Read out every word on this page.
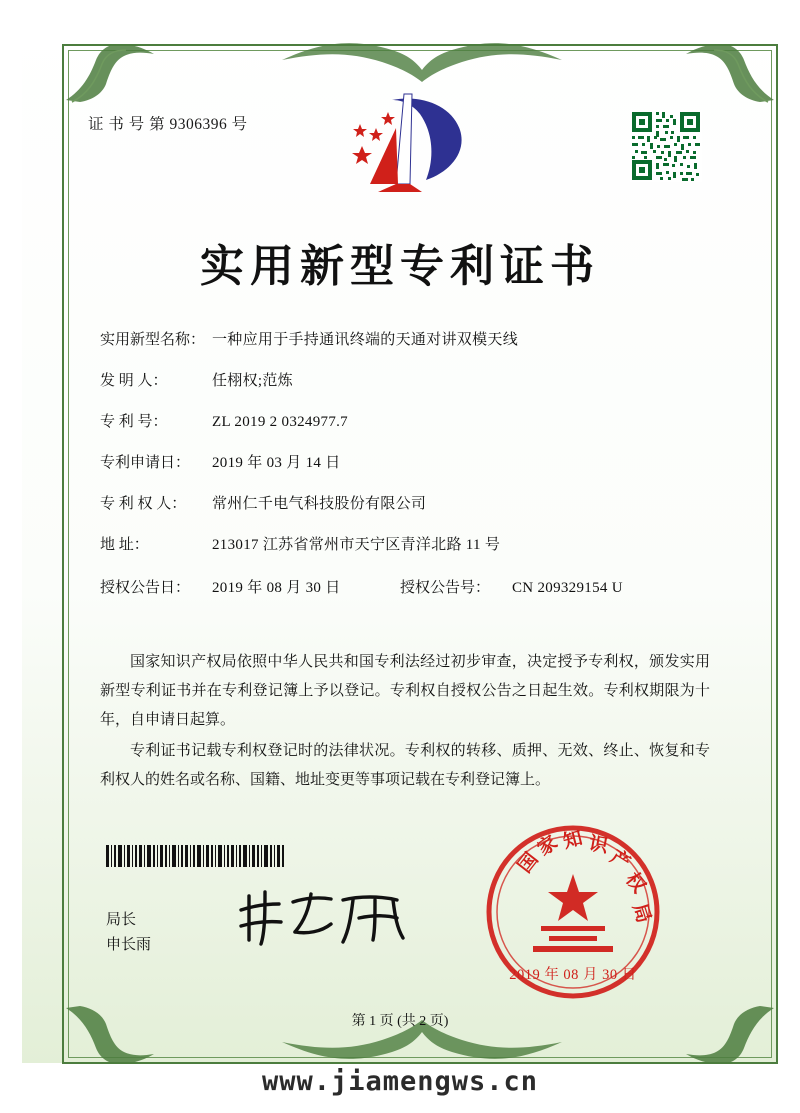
证 书 号 第 9306396 号
实用新型专利证书
实用新型名称： 一种应用于手持通讯终端的天通对讲双模天线
发 明 人：	任栩权;范炼
专 利 号：	ZL 2019 2 0324977.7
专利申请日：	2019 年 03 月 14 日
专 利 权 人：	常州仁千电气科技股份有限公司
地 址：	213017 江苏省常州市天宁区青洋北路 11 号
授权公告日：	2019 年 08 月 30 日	授权公告号：	CN 209329154 U

国家知识产权局依照中华人民共和国专利法经过初步审查，决定授予专利权，颁发实用新型专利证书并在专利登记簿上予以登记。专利权自授权公告之日起生效。专利权期限为十年，自申请日起算。

专利证书记载专利权登记时的法律状况。专利权的转移、质押、无效、终止、恢复和专利权人的姓名或名称、国籍、地址变更等事项记载在专利登记簿上。

局长
申长雨
国
家 知 识
产
权
局
2019 年 08 月 30 日
第 1 页 (共 2 页)
www.jiamengws.cn
